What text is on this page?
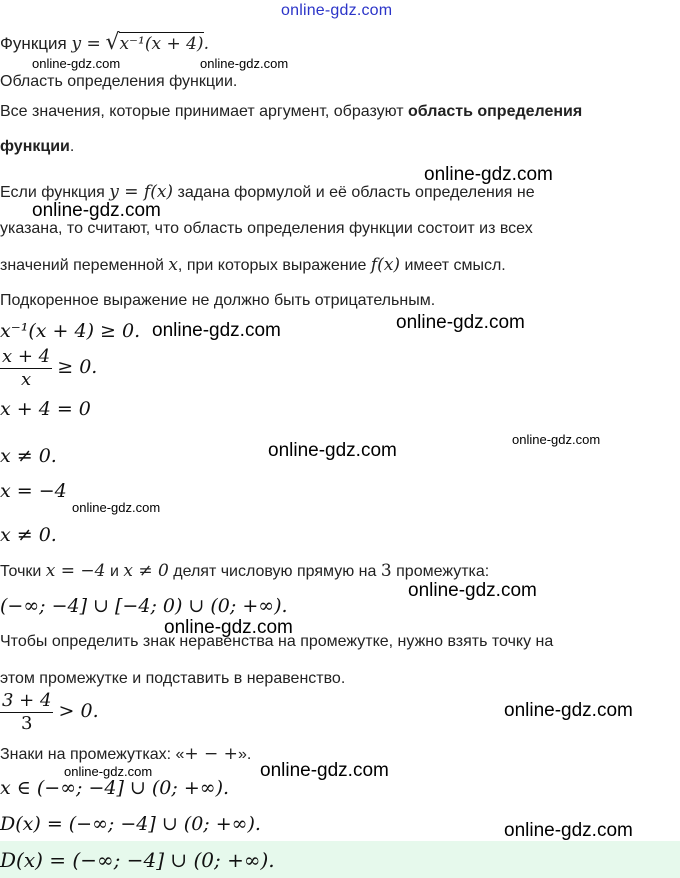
online-gdz.com
Функция y = √x⁻¹(x + 4).
online-gdz.com	online-gdz.com
Область определения функции.
Все значения, которые принимает аргумент, образуют область определения
функции.
online-gdz.com
Если функция y = f(x) задана формулой и её область определения не
online-gdz.com
указана, то считают, что область определения функции состоит из всех
значений переменной x, при которых выражение f(x) имеет смысл.
Подкоренное выражение не должно быть отрицательным.
x⁻¹(x + 4) ≥ 0. online-gdz.com	online-gdz.com
$\frac{x + 4}{x} \ge 0$.
x + 4 = 0
online-gdz.com
online-gdz.com
x ≠ 0.
x = −4
online-gdz.com
x ≠ 0.
Точки x = −4 и x ≠ 0 делят числовую прямую на 3 промежутка:
online-gdz.com
(−∞; −4] ∪ [−4; 0) ∪ (0; +∞).
online-gdz.com
Чтобы определить знак неравенства на промежутке, нужно взять точку на
этом промежутке и подставить в неравенство.
$\frac{3 + 4}{3} > 0$.	online-gdz.com
Знаки на промежутках: «+ − +».
online-gdz.com	online-gdz.com
x ∈ (−∞; −4] ∪ (0; +∞).
D(x) = (−∞; −4] ∪ (0; +∞).	online-gdz.com
D(x) = (−∞; −4] ∪ (0; +∞).
